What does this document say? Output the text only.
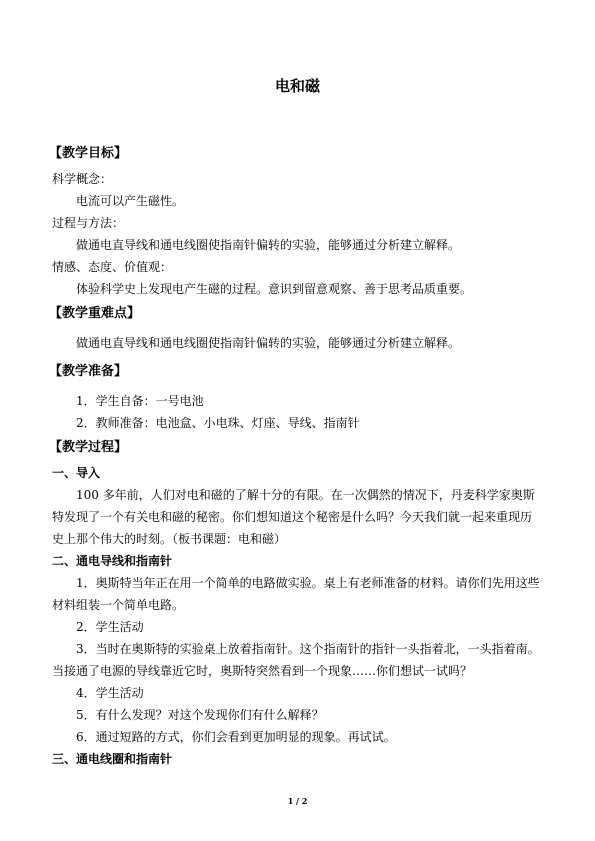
电和磁

【教学目标】

科学概念：

电流可以产生磁性。

过程与方法：

做通电直导线和通电线圈使指南针偏转的实验，能够通过分析建立解释。

情感、态度、价值观：

体验科学史上发现电产生磁的过程。意识到留意观察、善于思考品质重要。

【教学重难点】

做通电直导线和通电线圈使指南针偏转的实验，能够通过分析建立解释。

【教学准备】

1．学生自备：一号电池

2．教师准备：电池盒、小电珠、灯座、导线、指南针

【教学过程】

一、导入

100 多年前，人们对电和磁的了解十分的有限。在一次偶然的情况下，丹麦科学家奥斯特发现了一个有关电和磁的秘密。你们想知道这个秘密是什么吗？今天我们就一起来重现历史上那个伟大的时刻。（板书课题：电和磁）

二、通电导线和指南针

1．奥斯特当年正在用一个简单的电路做实验。桌上有老师准备的材料。请你们先用这些材料组装一个简单电路。

2．学生活动

3．当时在奥斯特的实验桌上放着指南针。这个指南针的指针一头指着北，一头指着南。当接通了电源的导线靠近它时，奥斯特突然看到一个现象……你们想试一试吗？

4．学生活动

5．有什么发现？对这个发现你们有什么解释？

6．通过短路的方式，你们会看到更加明显的现象。再试试。

三、通电线圈和指南针

1 / 2
